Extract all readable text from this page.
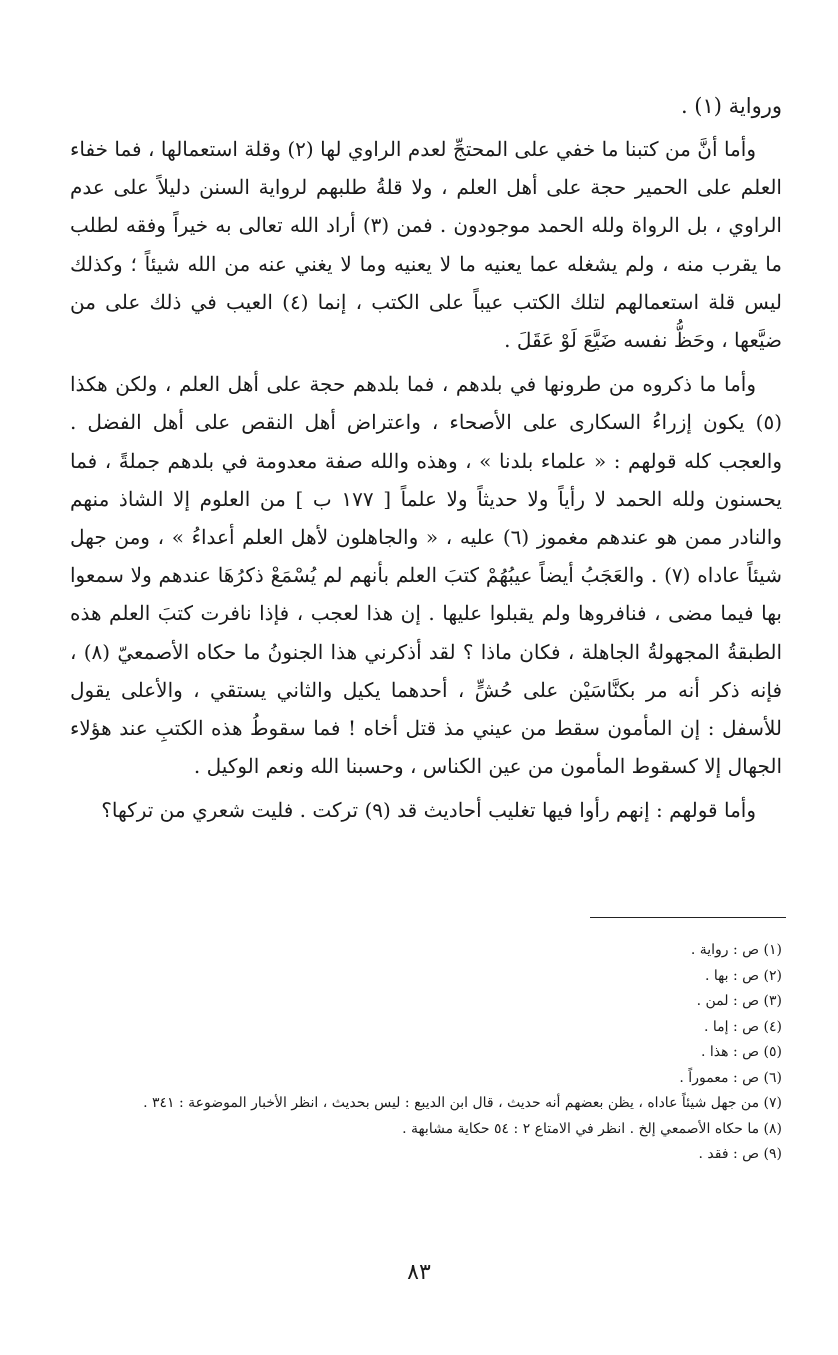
ورواية (١) .

وأما أنَّ من كتبنا ما خفي على المحتجِّ لعدم الراوي لها (٢) وقلة استعمالها ، فما خفاء العلم على الحمير حجة على أهل العلم ، ولا قلةُ طلبهم لرواية السنن دليلاً على عدم الراوي ، بل الرواة ولله الحمد موجودون . فمن (٣) أراد الله تعالى به خيراً وفقه لطلب ما يقرب منه ، ولم يشغله عما يعنيه ما لا يعنيه وما لا يغني عنه من الله شيئاً ؛ وكذلك ليس قلة استعمالهم لتلك الكتب عيباً على الكتب ، إنما (٤) العيب في ذلك على من ضيَّعها ، وحَظُّ نفسه ضَيَّعَ لَوْ عَقَلَ .

وأما ما ذكروه من طرونها في بلدهم ، فما بلدهم حجة على أهل العلم ، ولكن هكذا (٥) يكون إزراءُ السكارى على الأصحاء ، واعتراض أهل النقص على أهل الفضل . والعجب كله قولهم : « علماء بلدنا » ، وهذه والله صفة معدومة في بلدهم جملةً ، فما يحسنون ولله الحمد لا رأياً ولا حديثاً ولا علماً [ ١٧٧ ب ] من العلوم إلا الشاذ منهم والنادر ممن هو عندهم مغموز (٦) عليه ، « والجاهلون لأهل العلم أعداءُ » ، ومن جهل شيئاً عاداه (٧) . والعَجَبُ أيضاً عيبُهُمْ كتبَ العلم بأنهم لم يُسْمَعْ ذكرُهَا عندهم ولا سمعوا بها فيما مضى ، فنافروها ولم يقبلوا عليها . إن هذا لعجب ، فإذا نافرت كتبَ العلم هذه الطبقةُ المجهولةُ الجاهلة ، فكان ماذا ؟ لقد أذكرني هذا الجنونُ ما حكاه الأصمعيّ (٨) ، فإنه ذكر أنه مر بكنَّاسَيْن على حُشٍّ ، أحدهما يكيل والثاني يستقي ، والأعلى يقول للأسفل : إن المأمون سقط من عيني مذ قتل أخاه ! فما سقوطُ هذه الكتبِ عند هؤلاء الجهال إلا كسقوط المأمون من عين الكناس ، وحسبنا الله ونعم الوكيل .

وأما قولهم : إنهم رأوا فيها تغليب أحاديث قد (٩) تركت . فليت شعري من تركها؟

(١) ص : رواية .

(٢) ص : بها .

(٣) ص : لمن .

(٤) ص : إما .

(٥) ص : هذا .

(٦) ص : معموراً .

(٧) من جهل شيئاً عاداه ، يظن بعضهم أنه حديث ، قال ابن الديبع : ليس بحديث ، انظر الأخبار الموضوعة : ٣٤١ .

(٨) ما حكاه الأصمعي إلخ . انظر في الامتاع ٢ : ٥٤ حكاية مشابهة .

(٩) ص : فقد .

٨٣
